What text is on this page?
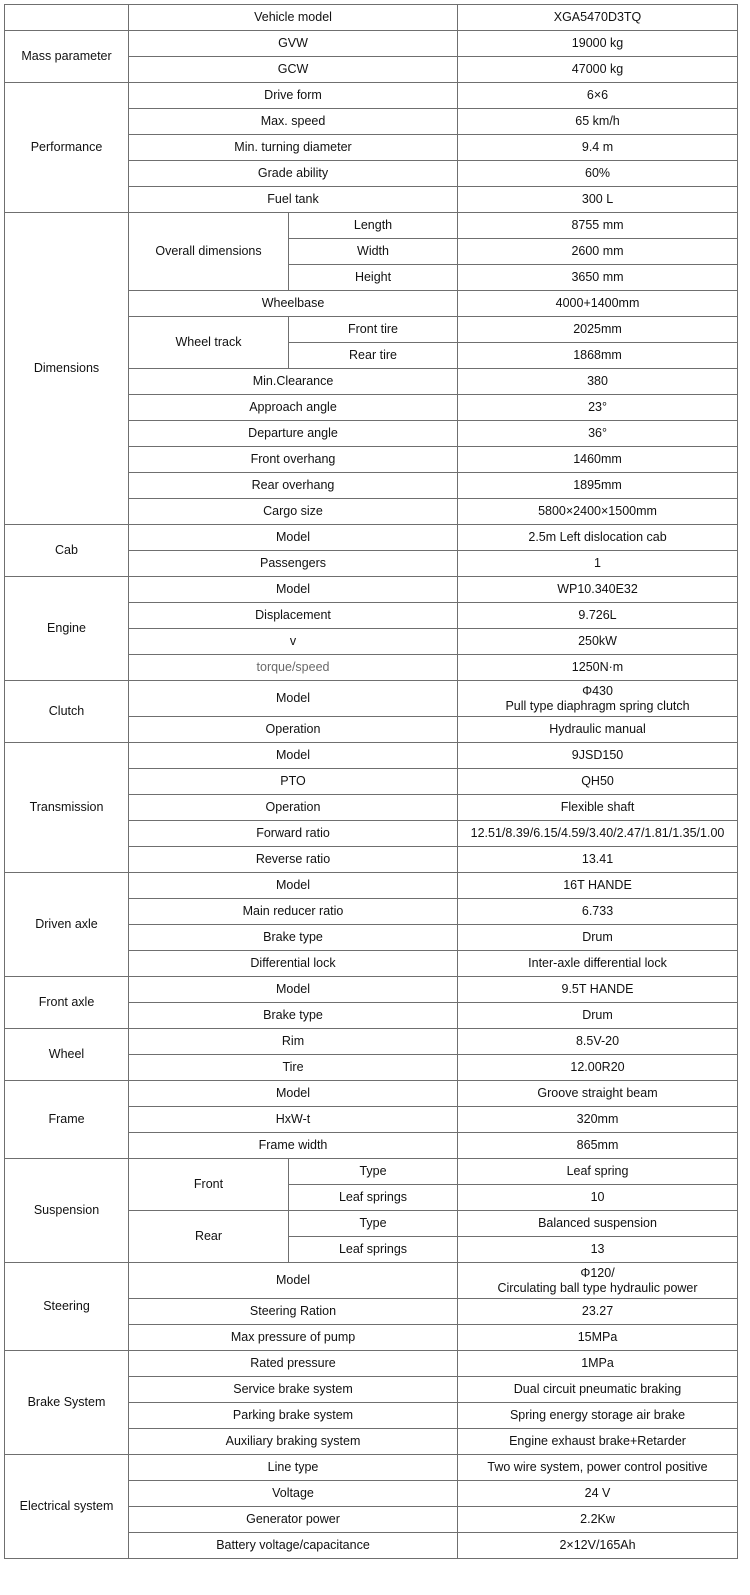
	Vehicle model		XGA5470D3TQ
Mass parameter	GVW		19000 kg
	GCW		47000 kg
Performance	Drive form		6×6
	Max. speed		65 km/h
	Min. turning diameter		9.4 m
	Grade ability		60%
	Fuel tank		300 L
Dimensions	Overall dimensions	Length	8755 mm
		Width	2600 mm
		Height	3650 mm
	Wheelbase		4000+1400mm
	Wheel track	Front tire	2025mm
		Rear tire	1868mm
	Min.Clearance		380
	Approach angle		23°
	Departure angle		36°
	Front overhang		1460mm
	Rear overhang		1895mm
	Cargo size		5800×2400×1500mm
Cab	Model		2.5m Left dislocation cab
	Passengers		1
Engine	Model		WP10.340E32
	Displacement		9.726L
	v		250kW
	torque/speed		1250N·m
Clutch	Model		Φ430
Pull type diaphragm spring clutch
	Operation		Hydraulic manual
Transmission	Model		9JSD150
	PTO		QH50
	Operation		Flexible shaft
	Forward ratio		12.51/8.39/6.15/4.59/3.40/2.47/1.81/1.35/1.00
	Reverse ratio		13.41
Driven axle	Model		16T HANDE
	Main reducer ratio		6.733
	Brake type		Drum
	Differential lock		Inter-axle differential lock
Front axle	Model		9.5T HANDE
	Brake type		Drum
Wheel	Rim		8.5V-20
	Tire		12.00R20
Frame	Model		Groove straight beam
	HxW-t		320mm
	Frame width		865mm
Suspension	Front	Type	Leaf spring
		Leaf springs	10
	Rear	Type	Balanced suspension
		Leaf springs	13
Steering	Model		Φ120/
Circulating ball type hydraulic power
	Steering Ration		23.27
	Max pressure of pump		15MPa
Brake System	Rated pressure		1MPa
	Service brake system		Dual circuit pneumatic braking
	Parking brake system		Spring energy storage air brake
	Auxiliary braking system		Engine exhaust brake+Retarder
Electrical system	Line type		Two wire system, power control positive
	Voltage		24 V
	Generator power		2.2Kw
	Battery voltage/capacitance		2×12V/165Ah
